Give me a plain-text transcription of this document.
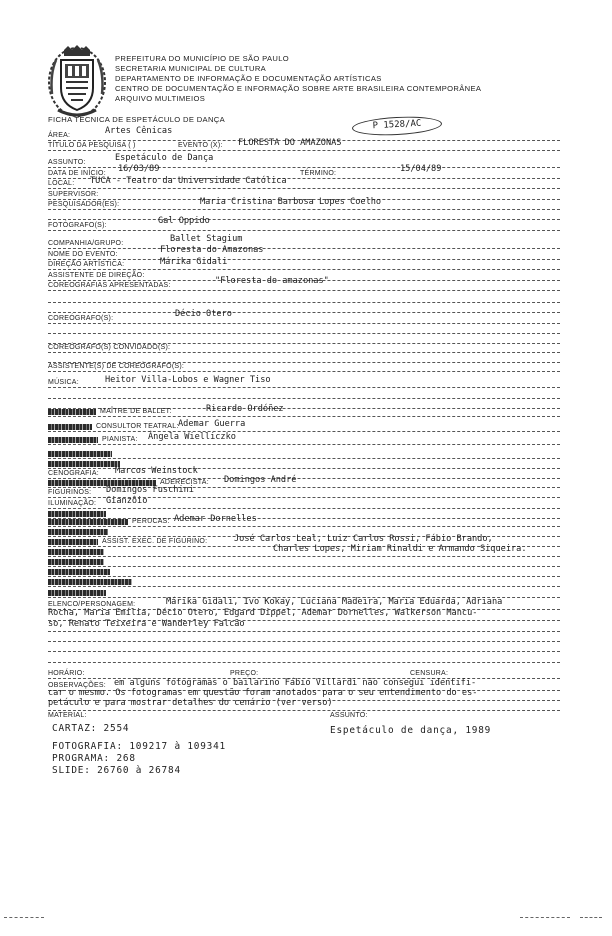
PREFEITURA DO MUNICÍPIO DE SÃO PAULO
SECRETARIA MUNICIPAL DE CULTURA
DEPARTAMENTO DE INFORMAÇÃO E DOCUMENTAÇÃO ARTÍSTICAS
CENTRO DE DOCUMENTAÇÃO E INFORMAÇÃO SOBRE ARTE BRASILEIRA CONTEMPORÂNEA
ARQUIVO MULTIMEIOS
FICHA TÉCNICA DE ESPETÁCULO DE DANÇA	P 1528/AC
ÁREA:	Artes Cênicas
TÍTULO DA PESQUISA ( )	EVENTO (X): FLORESTA DO AMAZONAS
ASSUNTO:	Espetáculo de Dança
DATA DE INÍCIO: 16/03/89	TÉRMINO:	15/04/89
LOCAL: TUCA - Teatro da Universidade Católica
SUPERVISOR:
PESQUISADOR(ES):	Maria Cristina Barbosa Lopes Coelho
FOTÓGRAFO(S):	Gal Oppido
COMPANHIA/GRUPO:	Ballet Stagium
NOME DO EVENTO:	Floresta do Amazonas
DIREÇÃO ARTÍSTICA:	Márika Gidali
ASSISTENTE DE DIREÇÃO:
COREOGRAFIAS APRESENTADAS:	"Floresta do amazonas"
COREÓGRAFO(S):	Décio Otero
COREÓGRAFO(S) CONVIDADO(S):
ASSISTENTE(S) DE COREÓGRAFO(S):
MÚSICA:	Heitor Villa-Lobos e Wagner Tiso
MAÎTRE DE BALLET:	Ricardo Ordóñez
CONSULTOR TEATRAL: Ademar Guerra
PIANISTA: Ângela Wielliczko
CENOGRAFIA: Marcos Weinstock
ADERECISTA: Domingos André
FIGURINOS: Domingos Fuschini
ILUMINAÇÃO: Gianzôio
PERUCAS: Ademar Dornelles
ASSIST. EXEC. DE FIGURINO:	José Carlos Leal, Luiz Carlos Rossi, Fábio Brando,
Charles Lopes, Miriam Rinaldi e Armando Siqueira.
ELENCO/PERSONAGEM:	Márika Gidali, Ivo Kokay, Luciana Madeira, Maria Eduarda, Adriana
Rocha, Maria Emília, Décio Otero, Edgard Dippel, Ademar Dornelles, Walkerson Mancu-
so, Renato Teixeira e Wanderley Falcão
HORÁRIO:	PREÇO:	CENSURA:
OBSERVAÇÕES: em alguns fotogramas o bailarino Fábio Villardi não consegui identifi-
car o mesmo. Os fotogramas em questão foram anotados para o seu entendimento do es-
petáculo e para mostrar detalhes do cenário (ver verso)
MATERIAL:	ASSUNTO:
CARTAZ: 2554	Espetáculo de dança, 1989
FOTOGRAFIA: 109217 à 109341
PROGRAMA: 268
SLIDE: 26760 à 26784
